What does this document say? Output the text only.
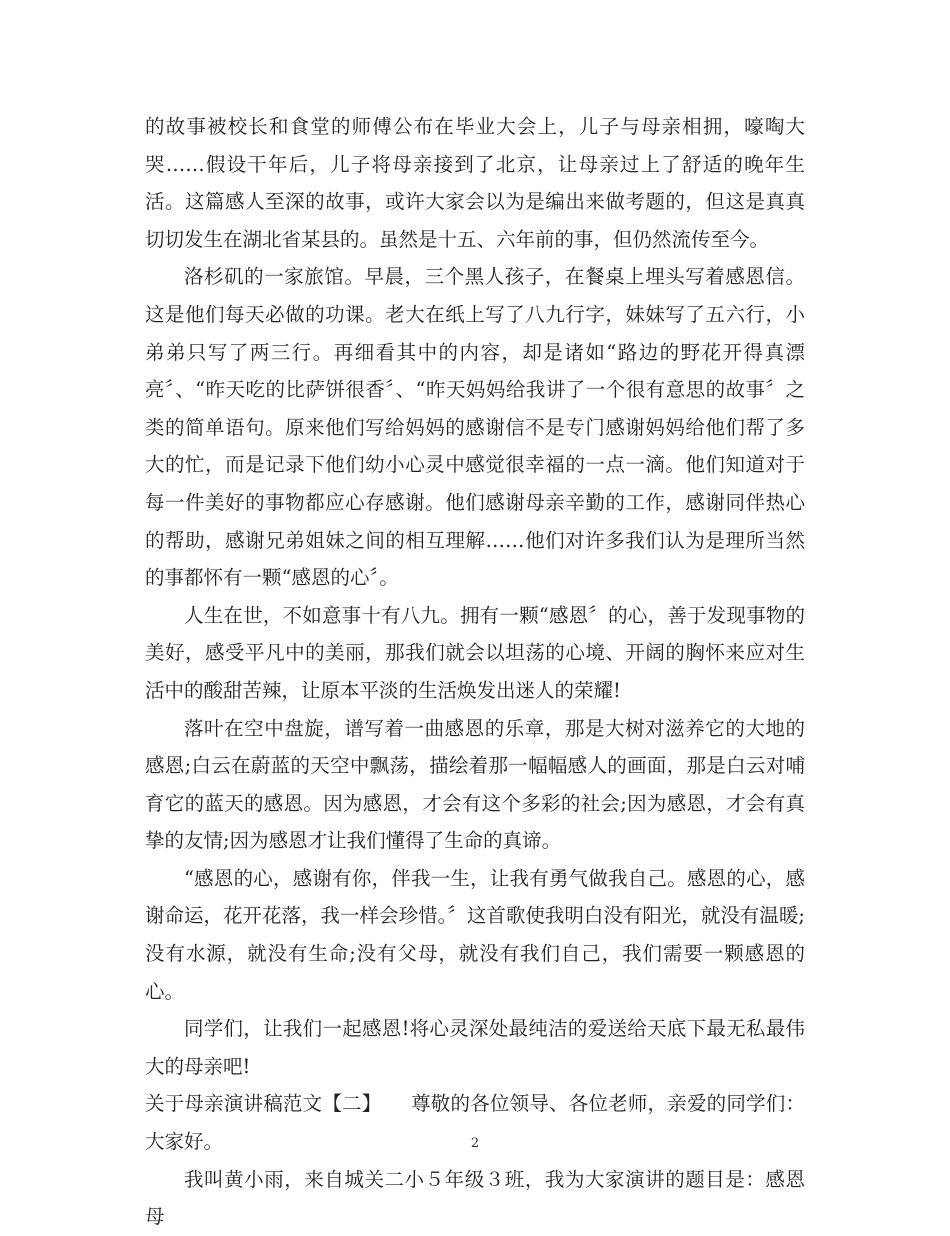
的故事被校长和食堂的师傅公布在毕业大会上，儿子与母亲相拥，嚎啕大哭……假设干年后，儿子将母亲接到了北京，让母亲过上了舒适的晚年生活。这篇感人至深的故事，或许大家会以为是编出来做考题的，但这是真真切切发生在湖北省某县的。虽然是十五、六年前的事，但仍然流传至今。

洛杉矶的一家旅馆。早晨，三个黑人孩子，在餐桌上埋头写着感恩信。这是他们每天必做的功课。老大在纸上写了八九行字，妹妹写了五六行，小弟弟只写了两三行。再细看其中的内容，却是诸如“路边的野花开得真漂亮〞、“昨天吃的比萨饼很香〞、“昨天妈妈给我讲了一个很有意思的故事〞之类的简单语句。原来他们写给妈妈的感谢信不是专门感谢妈妈给他们帮了多大的忙，而是记录下他们幼小心灵中感觉很幸福的一点一滴。他们知道对于每一件美好的事物都应心存感谢。他们感谢母亲辛勤的工作，感谢同伴热心的帮助，感谢兄弟姐妹之间的相互理解……他们对许多我们认为是理所当然的事都怀有一颗“感恩的心〞。

人生在世，不如意事十有八九。拥有一颗“感恩〞的心，善于发现事物的美好，感受平凡中的美丽，那我们就会以坦荡的心境、开阔的胸怀来应对生活中的酸甜苦辣，让原本平淡的生活焕发出迷人的荣耀!

落叶在空中盘旋，谱写着一曲感恩的乐章，那是大树对滋养它的大地的感恩;白云在蔚蓝的天空中飘荡，描绘着那一幅幅感人的画面，那是白云对哺育它的蓝天的感恩。因为感恩，才会有这个多彩的社会;因为感恩，才会有真挚的友情;因为感恩才让我们懂得了生命的真谛。

“感恩的心，感谢有你，伴我一生，让我有勇气做我自己。感恩的心，感谢命运，花开花落，我一样会珍惜。〞这首歌使我明白没有阳光，就没有温暖;没有水源，就没有生命;没有父母，就没有我们自己，我们需要一颗感恩的心。

同学们，让我们一起感恩!将心灵深处最纯洁的爱送给天底下最无私最伟大的母亲吧!

关于母亲演讲稿范文【二】　　尊敬的各位领导、各位老师，亲爱的同学们：大家好。

我叫黄小雨，来自城关二小５年级３班，我为大家演讲的题目是：感恩母

2
